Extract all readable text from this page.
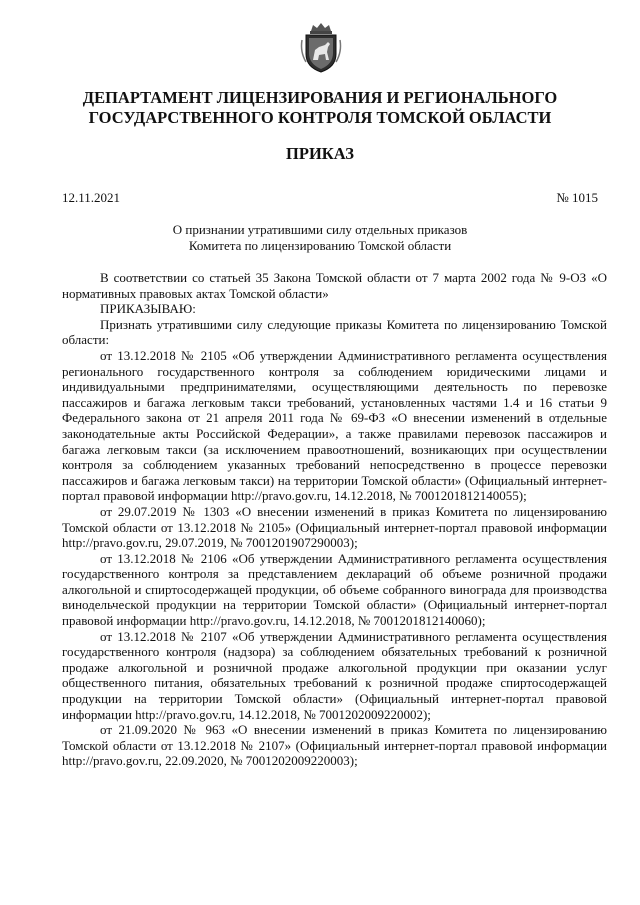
ДЕПАРТАМЕНТ ЛИЦЕНЗИРОВАНИЯ И РЕГИОНАЛЬНОГО
ГОСУДАРСТВЕННОГО КОНТРОЛЯ ТОМСКОЙ ОБЛАСТИ
ПРИКАЗ
12.11.2021	№ 1015
О признании утратившими силу отдельных приказов
Комитета по лицензированию Томской области

В соответствии со статьей 35 Закона Томской области от 7 марта 2002 года № 9-ОЗ «О нормативных правовых актах Томской области»

ПРИКАЗЫВАЮ:

Признать утратившими силу следующие приказы Комитета по лицензированию Томской области:

от 13.12.2018 № 2105 «Об утверждении Административного регламента осуществления регионального государственного контроля за соблюдением юридическими лицами и индивидуальными предпринимателями, осуществляющими деятельность по перевозке пассажиров и багажа легковым такси требований, установленных частями 1.4 и 16 статьи 9 Федерального закона от 21 апреля 2011 года № 69-ФЗ «О внесении изменений в отдельные законодательные акты Российской Федерации», а также правилами перевозок пассажиров и багажа легковым такси (за исключением правоотношений, возникающих при осуществлении контроля за соблюдением указанных требований непосредственно в процессе перевозки пассажиров и багажа легковым такси) на территории Томской области» (Официальный интернет-портал правовой информации http://pravo.gov.ru, 14.12.2018, № 7001201812140055);

от 29.07.2019 № 1303 «О внесении изменений в приказ Комитета по лицензированию Томской области от 13.12.2018 № 2105» (Официальный интернет-портал правовой информации http://pravo.gov.ru, 29.07.2019, № 7001201907290003);

от 13.12.2018 № 2106 «Об утверждении Административного регламента осуществления государственного контроля за представлением деклараций об объеме розничной продажи алкогольной и спиртосодержащей продукции, об объеме собранного винограда для производства винодельческой продукции на территории Томской области» (Официальный интернет-портал правовой информации http://pravo.gov.ru, 14.12.2018, № 7001201812140060);

от 13.12.2018 № 2107 «Об утверждении Административного регламента осуществления государственного контроля (надзора) за соблюдением обязательных требований к розничной продаже алкогольной и розничной продаже алкогольной продукции при оказании услуг общественного питания, обязательных требований к розничной продаже спиртосодержащей продукции на территории Томской области» (Официальный интернет-портал правовой информации http://pravo.gov.ru, 14.12.2018, № 7001202009220002);

от 21.09.2020 № 963 «О внесении изменений в приказ Комитета по лицензированию Томской области от 13.12.2018 № 2107» (Официальный интернет-портал правовой информации http://pravo.gov.ru, 22.09.2020, № 7001202009220003);
